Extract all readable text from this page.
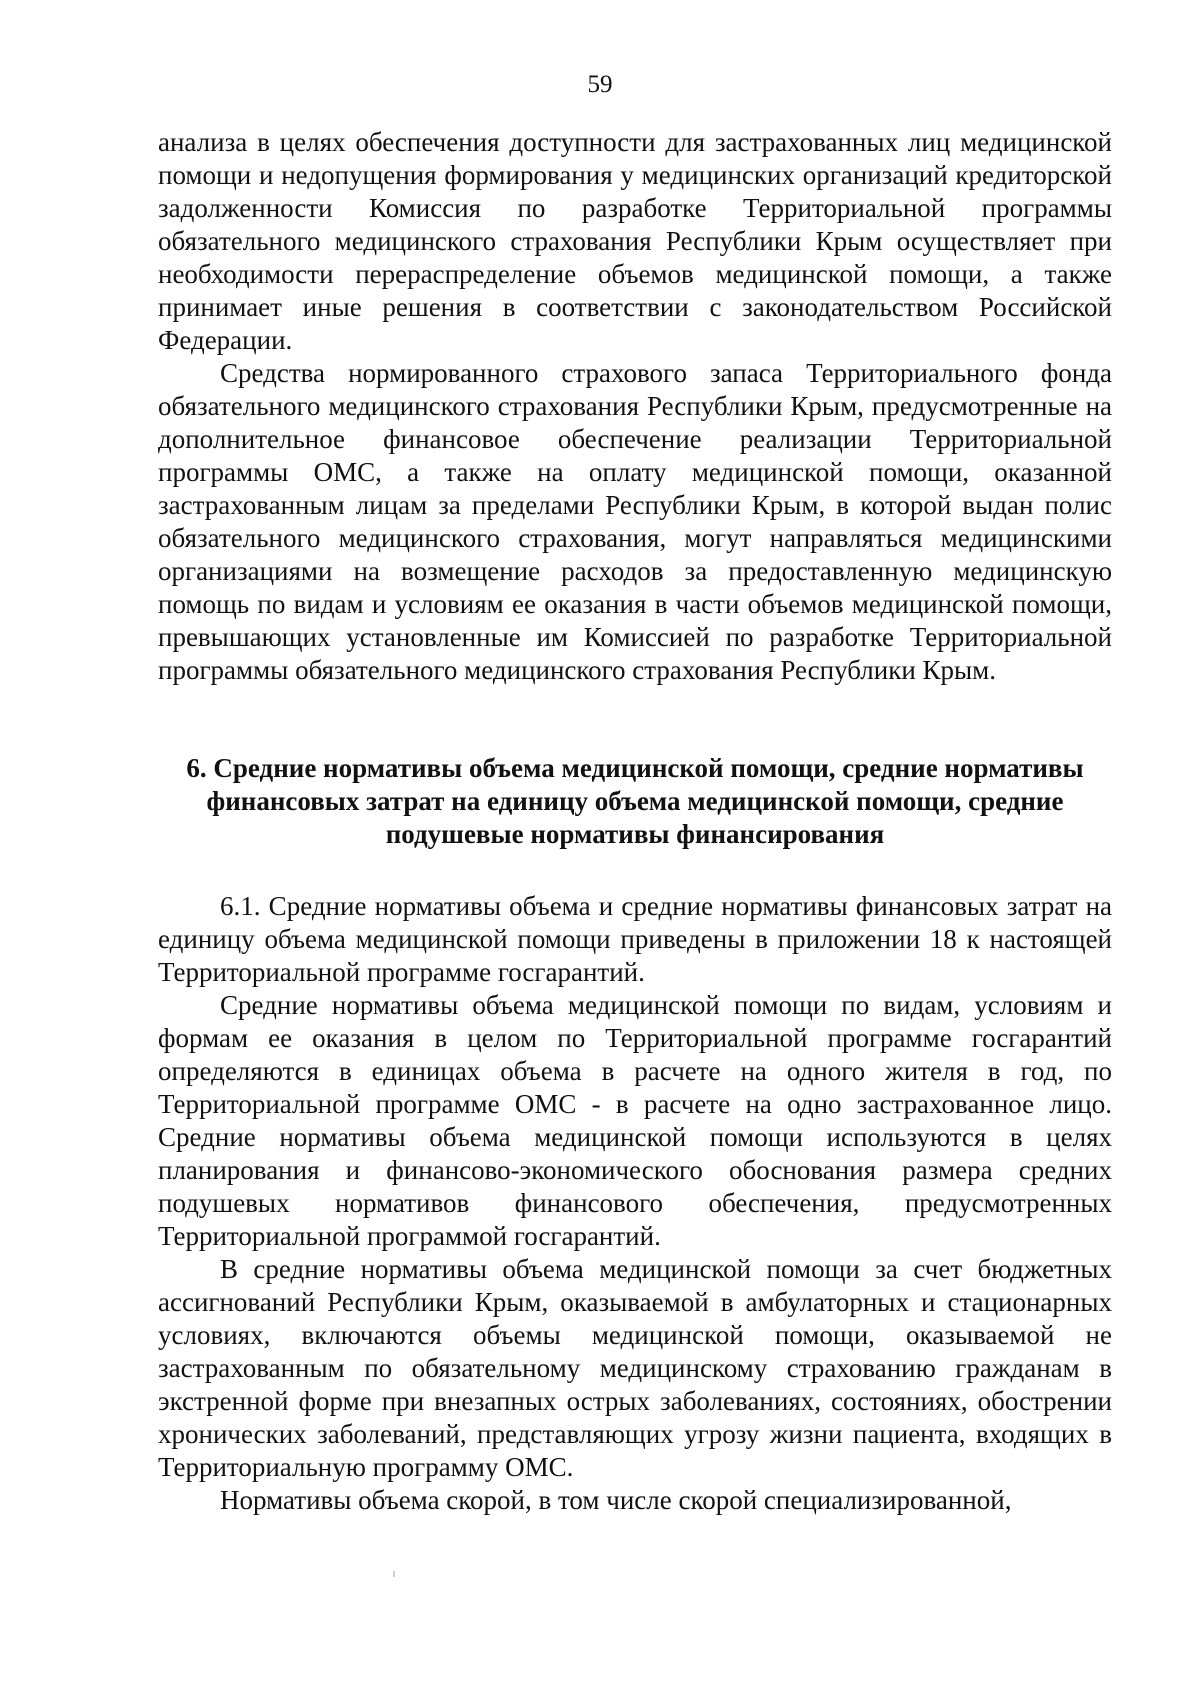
59

анализа в целях обеспечения доступности для застрахованных лиц медицинской помощи и недопущения формирования у медицинских организаций кредиторской задолженности Комиссия по разработке Территориальной программы обязательного медицинского страхования Республики Крым осуществляет при необходимости перераспределение объемов медицинской помощи, а также принимает иные решения в соответствии с законодательством Российской Федерации.

Средства нормированного страхового запаса Территориального фонда обязательного медицинского страхования Республики Крым, предусмотренные на дополнительное финансовое обеспечение реализации Территориальной программы ОМС, а также на оплату медицинской помощи, оказанной застрахованным лицам за пределами Республики Крым, в которой выдан полис обязательного медицинского страхования, могут направляться медицинскими организациями на возмещение расходов за предоставленную медицинскую помощь по видам и условиям ее оказания в части объемов медицинской помощи, превышающих установленные им Комиссией по разработке Территориальной программы обязательного медицинского страхования Республики Крым.

6. Средние нормативы объема медицинской помощи, средние нормативы финансовых затрат на единицу объема медицинской помощи, средние подушевые нормативы финансирования

6.1. Средние нормативы объема и средние нормативы финансовых затрат на единицу объема медицинской помощи приведены в приложении 18 к настоящей Территориальной программе госгарантий.

Средние нормативы объема медицинской помощи по видам, условиям и формам ее оказания в целом по Территориальной программе госгарантий определяются в единицах объема в расчете на одного жителя в год, по Территориальной программе ОМС - в расчете на одно застрахованное лицо. Средние нормативы объема медицинской помощи используются в целях планирования и финансово-экономического обоснования размера средних подушевых нормативов финансового обеспечения, предусмотренных Территориальной программой госгарантий.

В средние нормативы объема медицинской помощи за счет бюджетных ассигнований Республики Крым, оказываемой в амбулаторных и стационарных условиях, включаются объемы медицинской помощи, оказываемой не застрахованным по обязательному медицинскому страхованию гражданам в экстренной форме при внезапных острых заболеваниях, состояниях, обострении хронических заболеваний, представляющих угрозу жизни пациента, входящих в Территориальную программу ОМС.

Нормативы объема скорой, в том числе скорой специализированной,
